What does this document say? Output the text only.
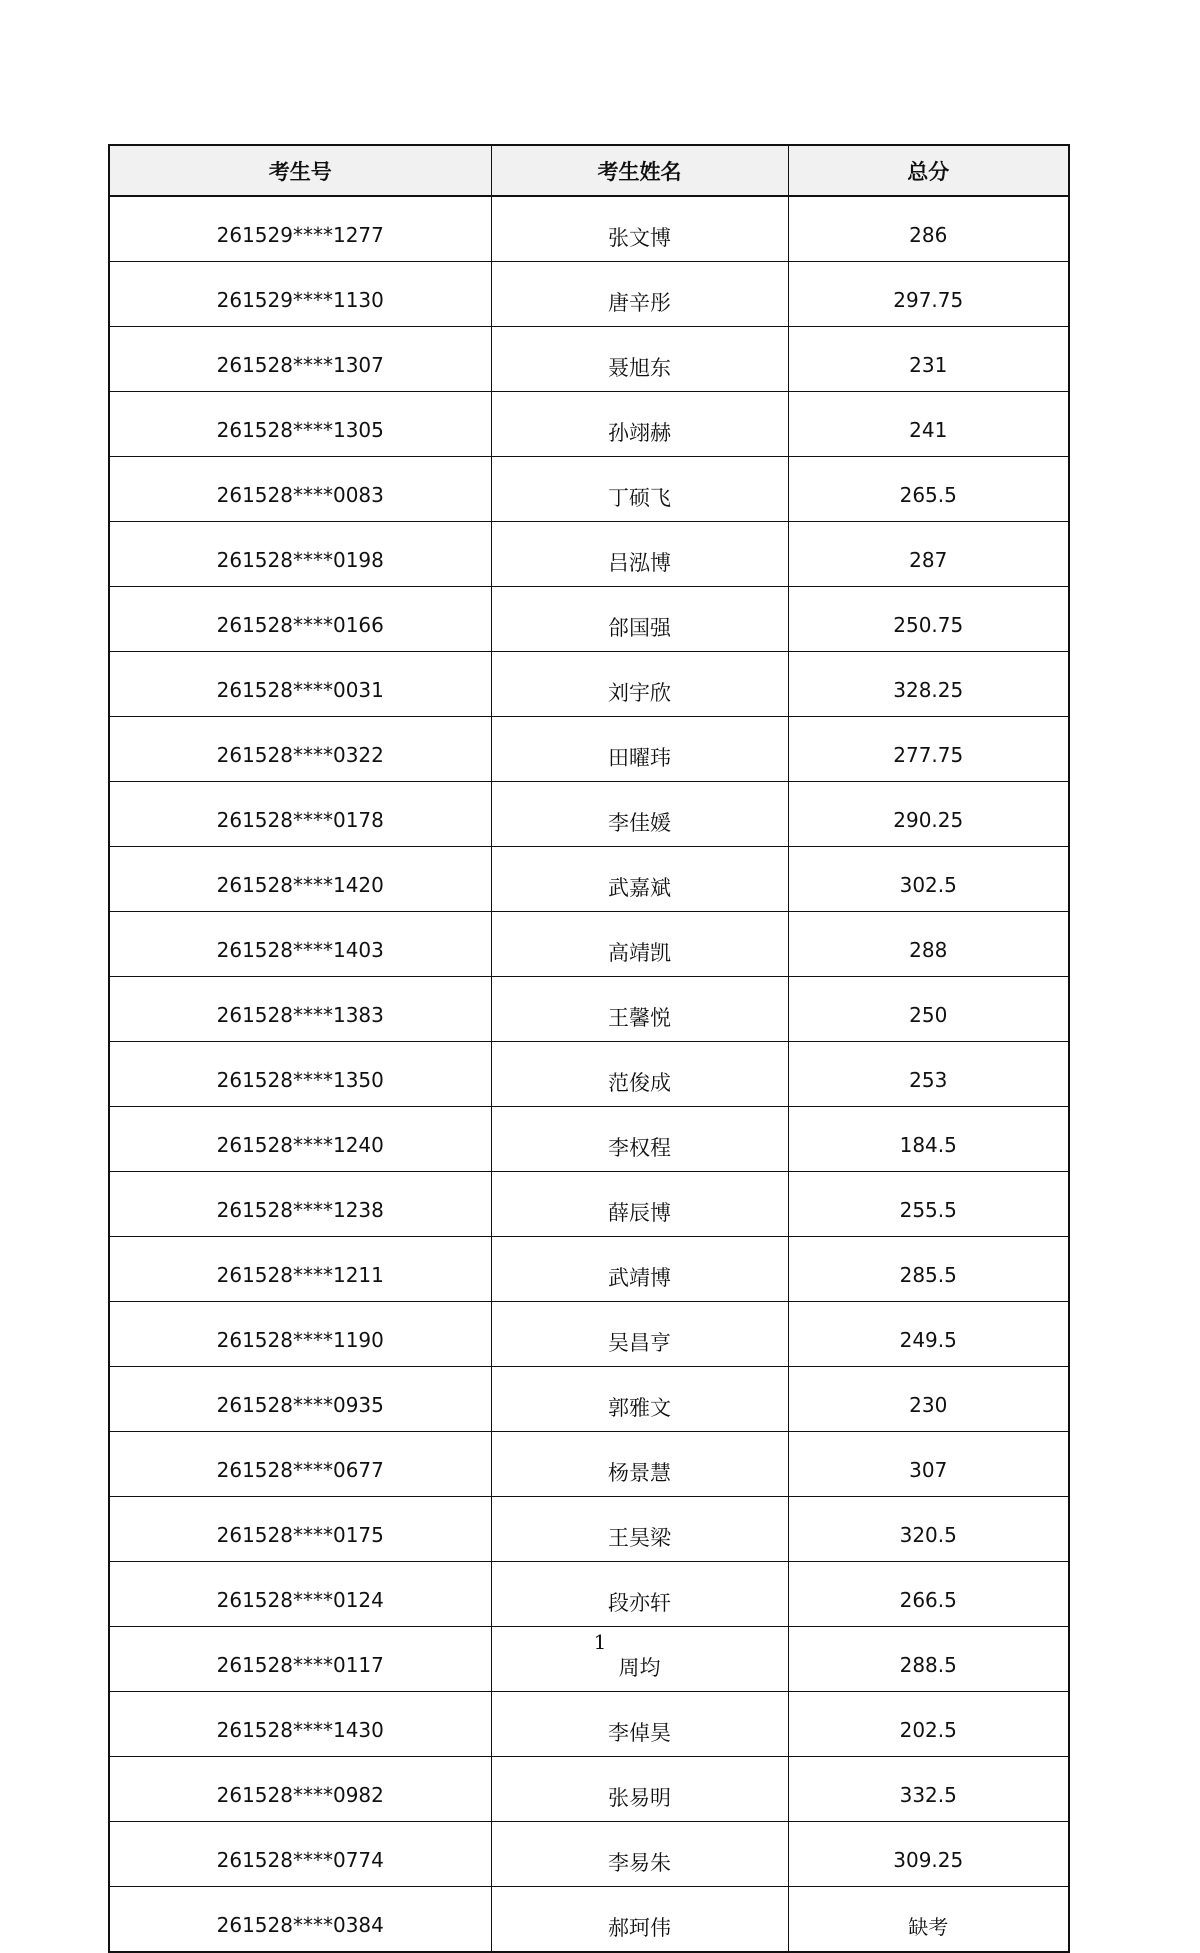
考生号	考生姓名	总分
261529****1277	张文博	286
261529****1130	唐辛彤	297.75
261528****1307	聂旭东	231
261528****1305	孙翊赫	241
261528****0083	丁硕飞	265.5
261528****0198	吕泓博	287
261528****0166	郃国强	250.75
261528****0031	刘宇欣	328.25
261528****0322	田曜玮	277.75
261528****0178	李佳媛	290.25
261528****1420	武嘉斌	302.5
261528****1403	高靖凯	288
261528****1383	王馨悦	250
261528****1350	范俊成	253
261528****1240	李权程	184.5
261528****1238	薛辰博	255.5
261528****1211	武靖博	285.5
261528****1190	吴昌亨	249.5
261528****0935	郭雅文	230
261528****0677	杨景慧	307
261528****0175	王昊梁	320.5
261528****0124	段亦轩	266.5
261528****0117	周均	288.5
261528****1430	李倬昊	202.5
261528****0982	张易明	332.5
261528****0774	李易朱	309.25
261528****0384	郝珂伟	缺考
1
